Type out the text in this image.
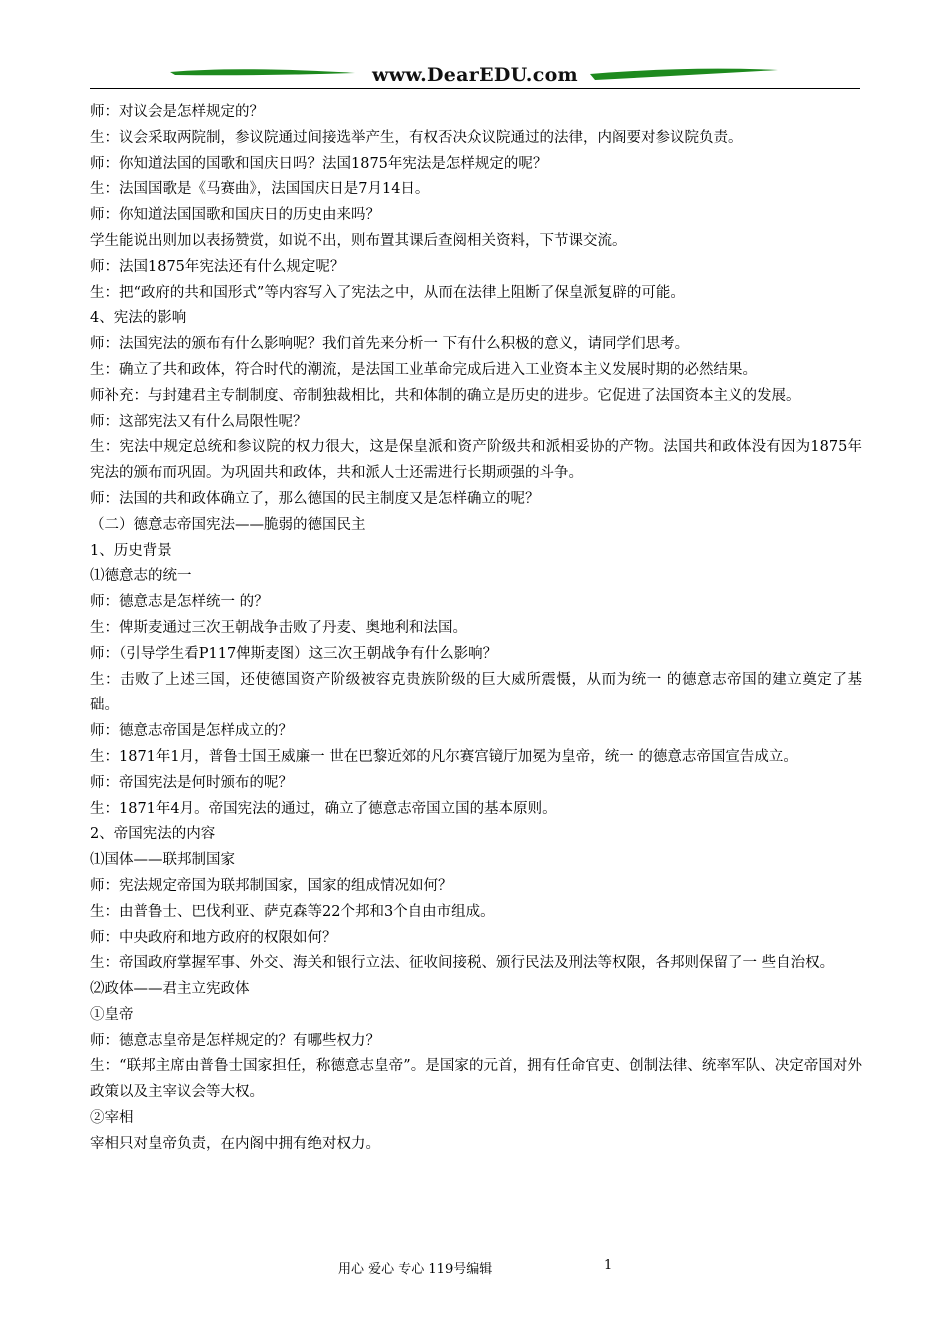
www.DearEDU.com

师：对议会是怎样规定的？

生：议会采取两院制，参议院通过间接选举产生，有权否决众议院通过的法律，内阁要对参议院负责。

师：你知道法国的国歌和国庆日吗？法国1875年宪法是怎样规定的呢？

生：法国国歌是《马赛曲》，法国国庆日是7月14日。

师：你知道法国国歌和国庆日的历史由来吗？

学生能说出则加以表扬赞赏，如说不出，则布置其课后查阅相关资料，下节课交流。

师：法国1875年宪法还有什么规定呢？

生：把“政府的共和国形式”等内容写入了宪法之中，从而在法律上阻断了保皇派复辟的可能。

4、宪法的影响

师：法国宪法的颁布有什么影响呢？我们首先来分析一 下有什么积极的意义，请同学们思考。

生：确立了共和政体，符合时代的潮流，是法国工业革命完成后进入工业资本主义发展时期的必然结果。

师补充：与封建君主专制制度、帝制独裁相比，共和体制的确立是历史的进步。它促进了法国资本主义的发展。

师：这部宪法又有什么局限性呢？

生：宪法中规定总统和参议院的权力很大，这是保皇派和资产阶级共和派相妥协的产物。法国共和政体没有因为1875年宪法的颁布而巩固。为巩固共和政体，共和派人士还需进行长期顽强的斗争。

师：法国的共和政体确立了，那么德国的民主制度又是怎样确立的呢？

（二）德意志帝国宪法——脆弱的德国民主

1、历史背景

⑴德意志的统一

师：德意志是怎样统一 的？

生：俾斯麦通过三次王朝战争击败了丹麦、奥地利和法国。

师：（引导学生看P117俾斯麦图）这三次王朝战争有什么影响？

生：击败了上述三国，还使德国资产阶级被容克贵族阶级的巨大威所震慑，从而为统一 的德意志帝国的建立奠定了基础。

师：德意志帝国是怎样成立的？

生：1871年1月，普鲁士国王威廉一 世在巴黎近郊的凡尔赛宫镜厅加冕为皇帝，统一 的德意志帝国宣告成立。

师：帝国宪法是何时颁布的呢？

生：1871年4月。帝国宪法的通过，确立了德意志帝国立国的基本原则。

2、帝国宪法的内容

⑴国体——联邦制国家

师：宪法规定帝国为联邦制国家，国家的组成情况如何？

生：由普鲁士、巴伐利亚、萨克森等22个邦和3个自由市组成。

师：中央政府和地方政府的权限如何？

生：帝国政府掌握军事、外交、海关和银行立法、征收间接税、颁行民法及刑法等权限，各邦则保留了一 些自治权。

⑵政体——君主立宪政体

①皇帝

师：德意志皇帝是怎样规定的？有哪些权力？

生：“联邦主席由普鲁士国家担任，称德意志皇帝”。是国家的元首，拥有任命官吏、创制法律、统率军队、决定帝国对外政策以及主宰议会等大权。

②宰相

宰相只对皇帝负责，在内阁中拥有绝对权力。

用心 爱心 专心 119号编辑	1
